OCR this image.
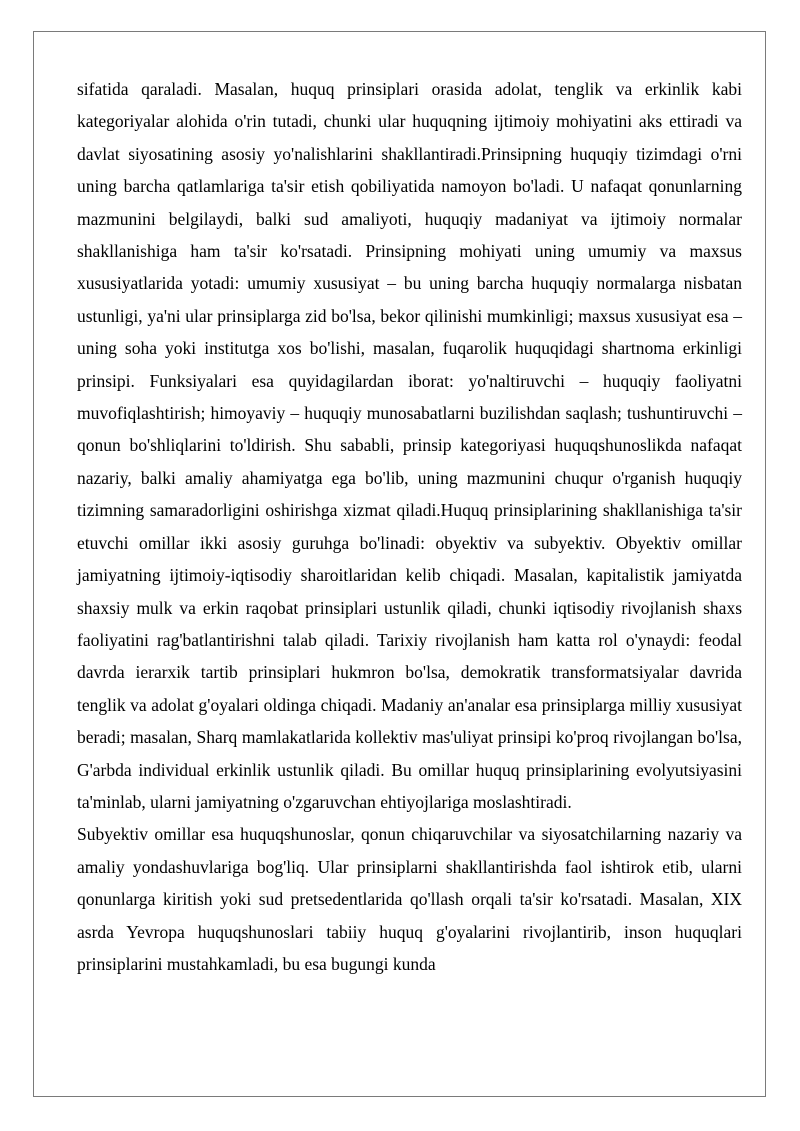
sifatida qaraladi. Masalan, huquq prinsiplari orasida adolat, tenglik va erkinlik kabi kategoriyalar alohida o'rin tutadi, chunki ular huquqning ijtimoiy mohiyatini aks ettiradi va davlat siyosatining asosiy yo'nalishlarini shakllantiradi.Prinsipning huquqiy tizimdagi o'rni uning barcha qatlamlariga ta'sir etish qobiliyatida namoyon bo'ladi. U nafaqat qonunlarning mazmunini belgilaydi, balki sud amaliyoti, huquqiy madaniyat va ijtimoiy normalar shakllanishiga ham ta'sir ko'rsatadi. Prinsipning mohiyati uning umumiy va maxsus xususiyatlarida yotadi: umumiy xususiyat – bu uning barcha huquqiy normalarga nisbatan ustunligi, ya'ni ular prinsiplarga zid bo'lsa, bekor qilinishi mumkinligi; maxsus xususiyat esa – uning soha yoki institutga xos bo'lishi, masalan, fuqarolik huquqidagi shartnoma erkinligi prinsipi. Funksiyalari esa quyidagilardan iborat: yo'naltiruvchi – huquqiy faoliyatni muvofiqlashtirish; himoyaviy – huquqiy munosabatlarni buzilishdan saqlash; tushuntiruvchi – qonun bo'shliqlarini to'ldirish. Shu sababli, prinsip kategoriyasi huquqshunoslikda nafaqat nazariy, balki amaliy ahamiyatga ega bo'lib, uning mazmunini chuqur o'rganish huquqiy tizimning samaradorligini oshirishga xizmat qiladi.Huquq prinsiplarining shakllanishiga ta'sir etuvchi omillar ikki asosiy guruhga bo'linadi: obyektiv va subyektiv. Obyektiv omillar jamiyatning ijtimoiy-iqtisodiy sharoitlaridan kelib chiqadi. Masalan, kapitalistik jamiyatda shaxsiy mulk va erkin raqobat prinsiplari ustunlik qiladi, chunki iqtisodiy rivojlanish shaxs faoliyatini rag'batlantirishni talab qiladi. Tarixiy rivojlanish ham katta rol o'ynaydi: feodal davrda ierarxik tartib prinsiplari hukmron bo'lsa, demokratik transformatsiyalar davrida tenglik va adolat g'oyalari oldinga chiqadi. Madaniy an'analar esa prinsiplarga milliy xususiyat beradi; masalan, Sharq mamlakatlarida kollektiv mas'uliyat prinsipi ko'proq rivojlangan bo'lsa, G'arbda individual erkinlik ustunlik qiladi. Bu omillar huquq prinsiplarining evolyutsiyasini ta'minlab, ularni jamiyatning o'zgaruvchan ehtiyojlariga moslashtiradi.

Subyektiv omillar esa huquqshunoslar, qonun chiqaruvchilar va siyosatchilarning nazariy va amaliy yondashuvlariga bog'liq. Ular prinsiplarni shakllantirishda faol ishtirok etib, ularni qonunlarga kiritish yoki sud pretsedentlarida qo'llash orqali ta'sir ko'rsatadi. Masalan, XIX asrda Yevropa huquqshunoslari tabiiy huquq g'oyalarini rivojlantirib, inson huquqlari prinsiplarini mustahkamladi, bu esa bugungi kunda
